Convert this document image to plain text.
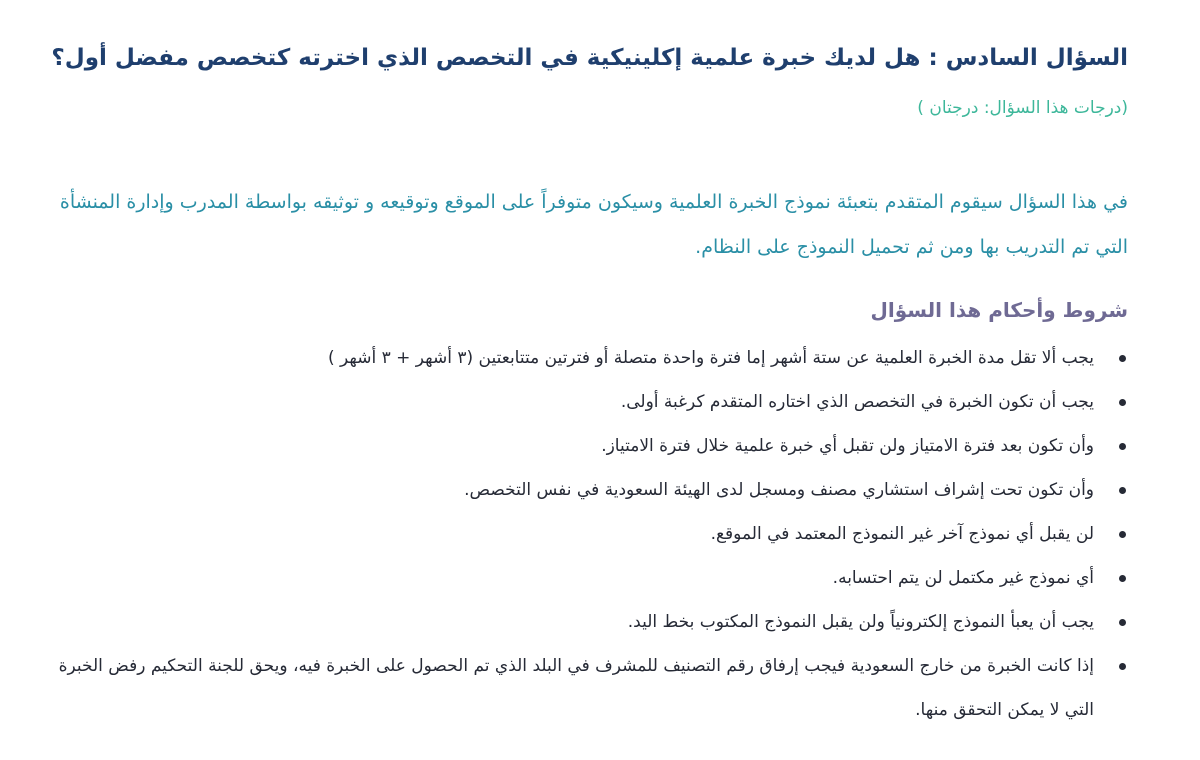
السؤال السادس : هل لديك خبرة علمية إكلينيكية في التخصص الذي اخترته كتخصص مفضل أول؟

(درجات هذا السؤال: درجتان )

في هذا السؤال سيقوم المتقدم بتعبئة نموذج الخبرة العلمية وسيكون متوفراً على الموقع وتوقيعه و توثيقه بواسطة المدرب وإدارة المنشأة التي تم التدريب بها ومن ثم تحميل النموذج على النظام.

شروط وأحكام هذا السؤال
يجب ألا تقل مدة الخبرة العلمية عن ستة أشهر إما فترة واحدة متصلة أو فترتين متتابعتين (٣ أشهر + ٣ أشهر )
يجب أن تكون الخبرة في التخصص الذي اختاره المتقدم كرغبة أولى.
وأن تكون بعد فترة الامتياز ولن تقبل أي خبرة علمية خلال فترة الامتياز.
وأن تكون تحت إشراف استشاري مصنف ومسجل لدى الهيئة السعودية في نفس التخصص.
لن يقبل أي نموذج آخر غير النموذج المعتمد في الموقع.
أي نموذج غير مكتمل لن يتم احتسابه.
يجب أن يعبأ النموذج إلكترونياً ولن يقبل النموذج المكتوب بخط اليد.
إذا كانت الخبرة من خارج السعودية فيجب إرفاق رقم التصنيف للمشرف في البلد الذي تم الحصول على الخبرة فيه، ويحق للجنة التحكيم رفض الخبرة التي لا يمكن التحقق منها.
